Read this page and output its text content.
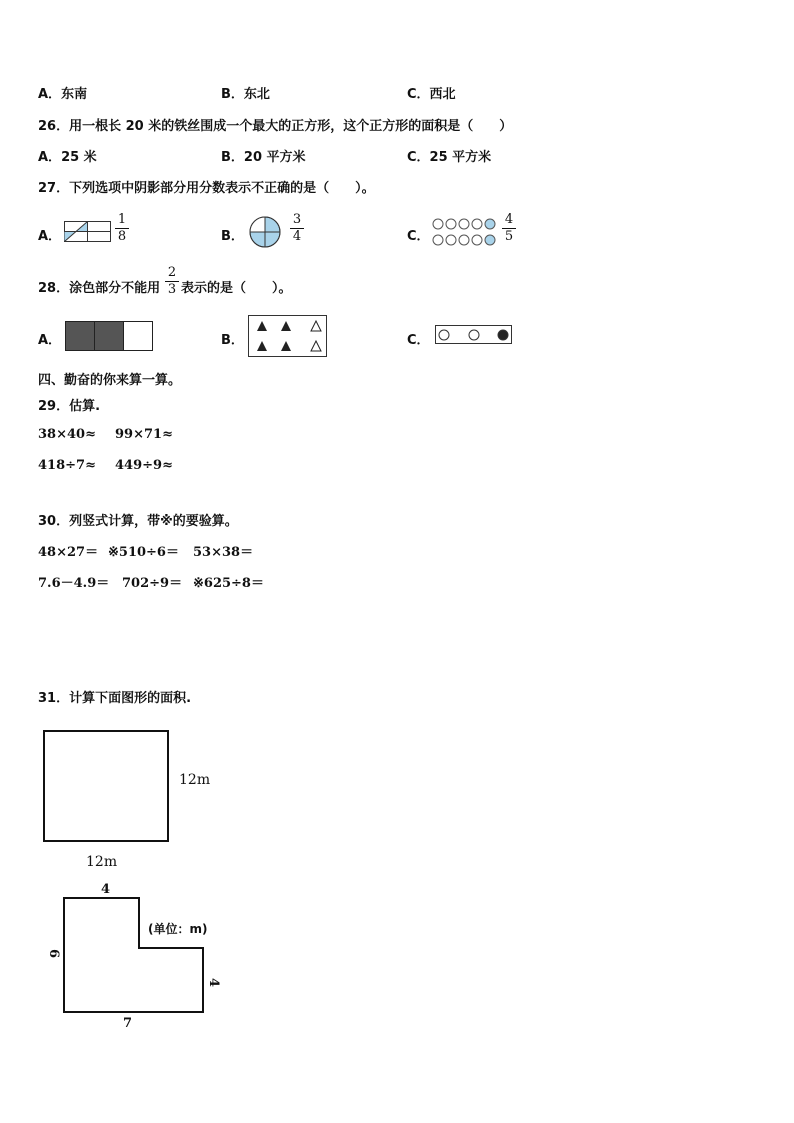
A．东南	B．东北	C．西北
26．用一根长 20 米的铁丝围成一个最大的正方形，这个正方形的面积是（　　）
A．25 米	B．20 平方米	C．25 平方米
27．下列选项中阴影部分用分数表示不正确的是（　　）。
A．
1
8	B．
3
4	C．
4
5
28．涂色部分不能用
2
3 表示的是（　　）。
A．	B．	C．
四、勤奋的你来算一算。
29．估算.
38×40≈ 99×71≈
418÷7≈ 449÷9≈
30．列竖式计算，带※的要验算。
48×27＝ ※510÷6＝ 53×38＝
7.6－4.9＝ 702÷9＝ ※625÷8＝
31．计算下面图形的面积.
12m
12m
4
6
4
7
(单位：m)
